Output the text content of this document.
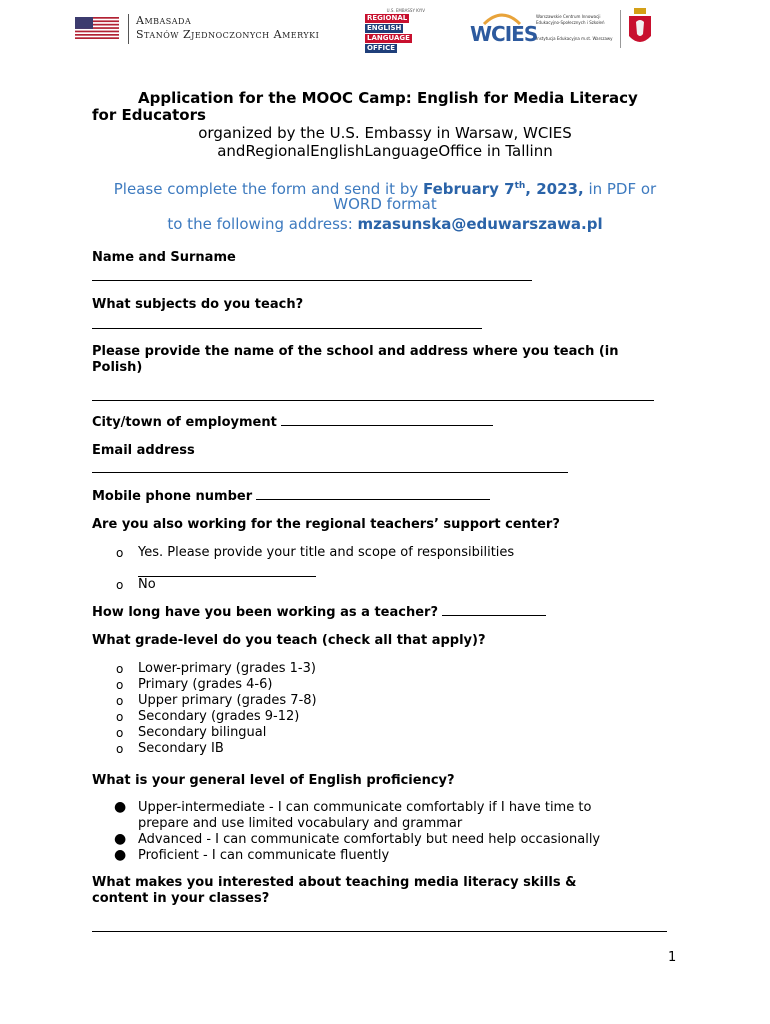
Ambasada
Stanów Zjednoczonych Ameryki
U.S. EMBASSY KYIV
REGIONAL
ENGLISH
LANGUAGE
OFFICE
WCIES
Warszawskie Centrum Innowacji
Edukacyjno-Społecznych i Szkoleń
Instytucja Edukacyjna m.st. Warszawy
Application for the MOOC Camp: English for Media Literacy
for Educators
organized by the U.S. Embassy in Warsaw, WCIES
andRegionalEnglishLanguageOffice in Tallinn
Please complete the form and send it by February 7th, 2023, in PDF or
WORD format
to the following address: mzasunska@eduwarszawa.pl
Name and Surname
What subjects do you teach?
Please provide the name of the school and address where you teach (in
Polish)
City/town of employment
Email address
Mobile phone number
Are you also working for the regional teachers’ support center?
o Yes. Please provide your title and scope of responsibilities
o No
How long have you been working as a teacher?
What grade-level do you teach (check all that apply)?
o Lower-primary (grades 1-3)
o Primary (grades 4-6)
o Upper primary (grades 7-8)
o Secondary (grades 9-12)
o Secondary bilingual
o Secondary IB
What is your general level of English proficiency?
● Upper-intermediate - I can communicate comfortably if I have time to
prepare and use limited vocabulary and grammar
● Advanced - I can communicate comfortably but need help occasionally
● Proficient - I can communicate fluently
What makes you interested about teaching media literacy skills &
content in your classes?
1
